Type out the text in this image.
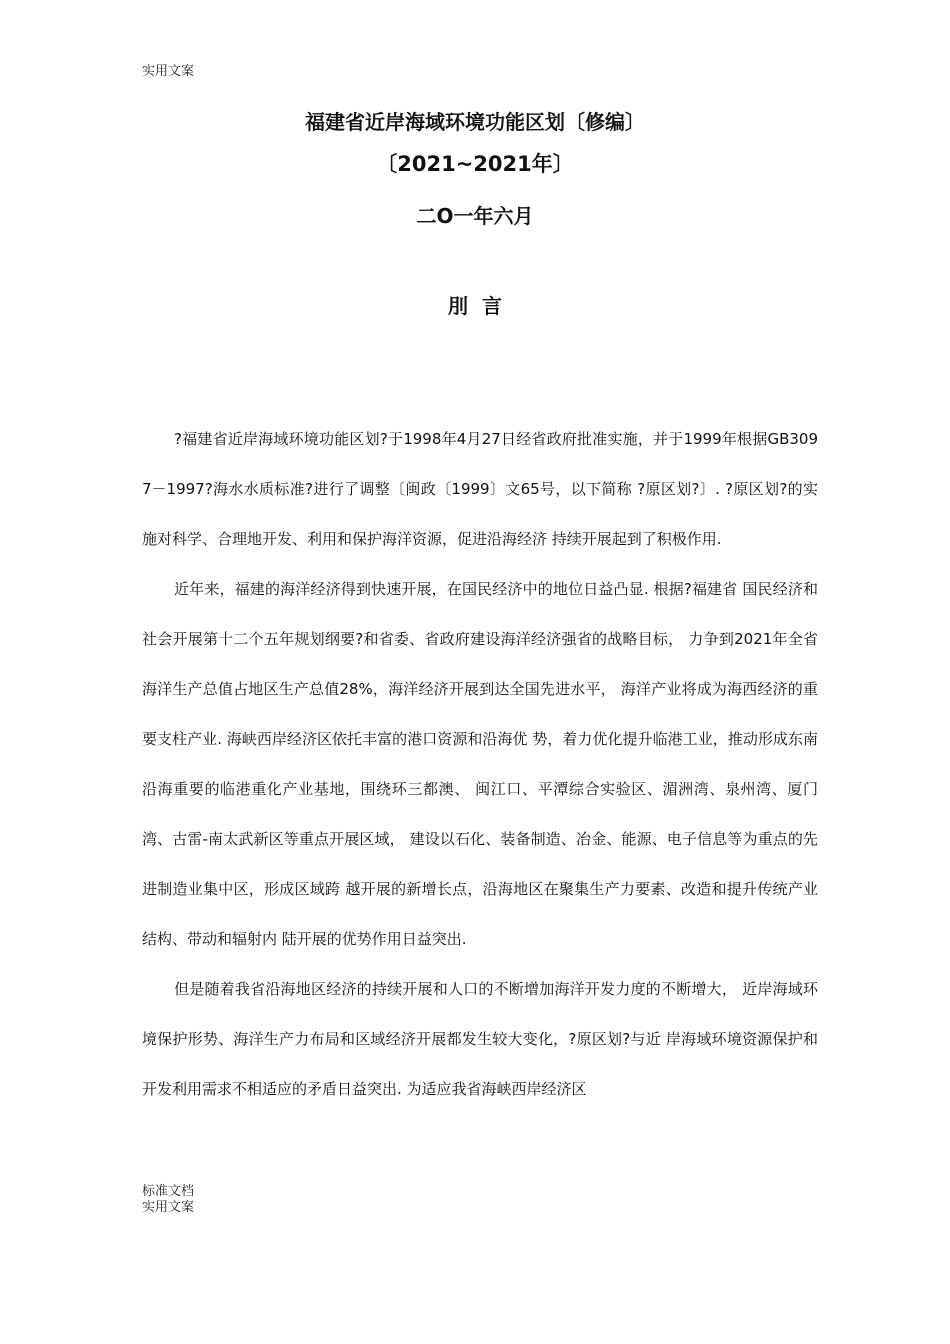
实用文案
福建省近岸海域环境功能区划〔修编〕
〔2021~2021年〕
二O一年六月
刖言

?福建省近岸海域环境功能区划?于1998年4月27日经省政府批准实施，并于1999年根据GB3097－1997?海水水质标准?进行了调整〔闽政〔1999〕文65号，以下简称 ?原区划?〕. ?原区划?的实施对科学、合理地开发、利用和保护海洋资源，促进沿海经济 持续开展起到了积极作用.

近年来，福建的海洋经济得到快速开展，在国民经济中的地位日益凸显. 根据?福建省 国民经济和社会开展第十二个五年规划纲要?和省委、省政府建设海洋经济强省的战略目标， 力争到2021年全省海洋生产总值占地区生产总值28%，海洋经济开展到达全国先进水平， 海洋产业将成为海西经济的重要支柱产业. 海峡西岸经济区依托丰富的港口资源和沿海优 势，着力优化提升临港工业，推动形成东南沿海重要的临港重化产业基地，围绕环三都澳、 闽江口、平潭综合实验区、湄洲湾、泉州湾、厦门湾、古雷-南太武新区等重点开展区域， 建设以石化、装备制造、冶金、能源、电子信息等为重点的先进制造业集中区，形成区域跨 越开展的新增长点，沿海地区在聚集生产力要素、改造和提升传统产业结构、带动和辐射内 陆开展的优势作用日益突出.

但是随着我省沿海地区经济的持续开展和人口的不断增加海洋开发力度的不断增大， 近岸海域环境保护形势、海洋生产力布局和区域经济开展都发生较大变化，?原区划?与近 岸海域环境资源保护和开发利用需求不相适应的矛盾日益突出. 为适应我省海峡西岸经济区

标准文档
实用文案
